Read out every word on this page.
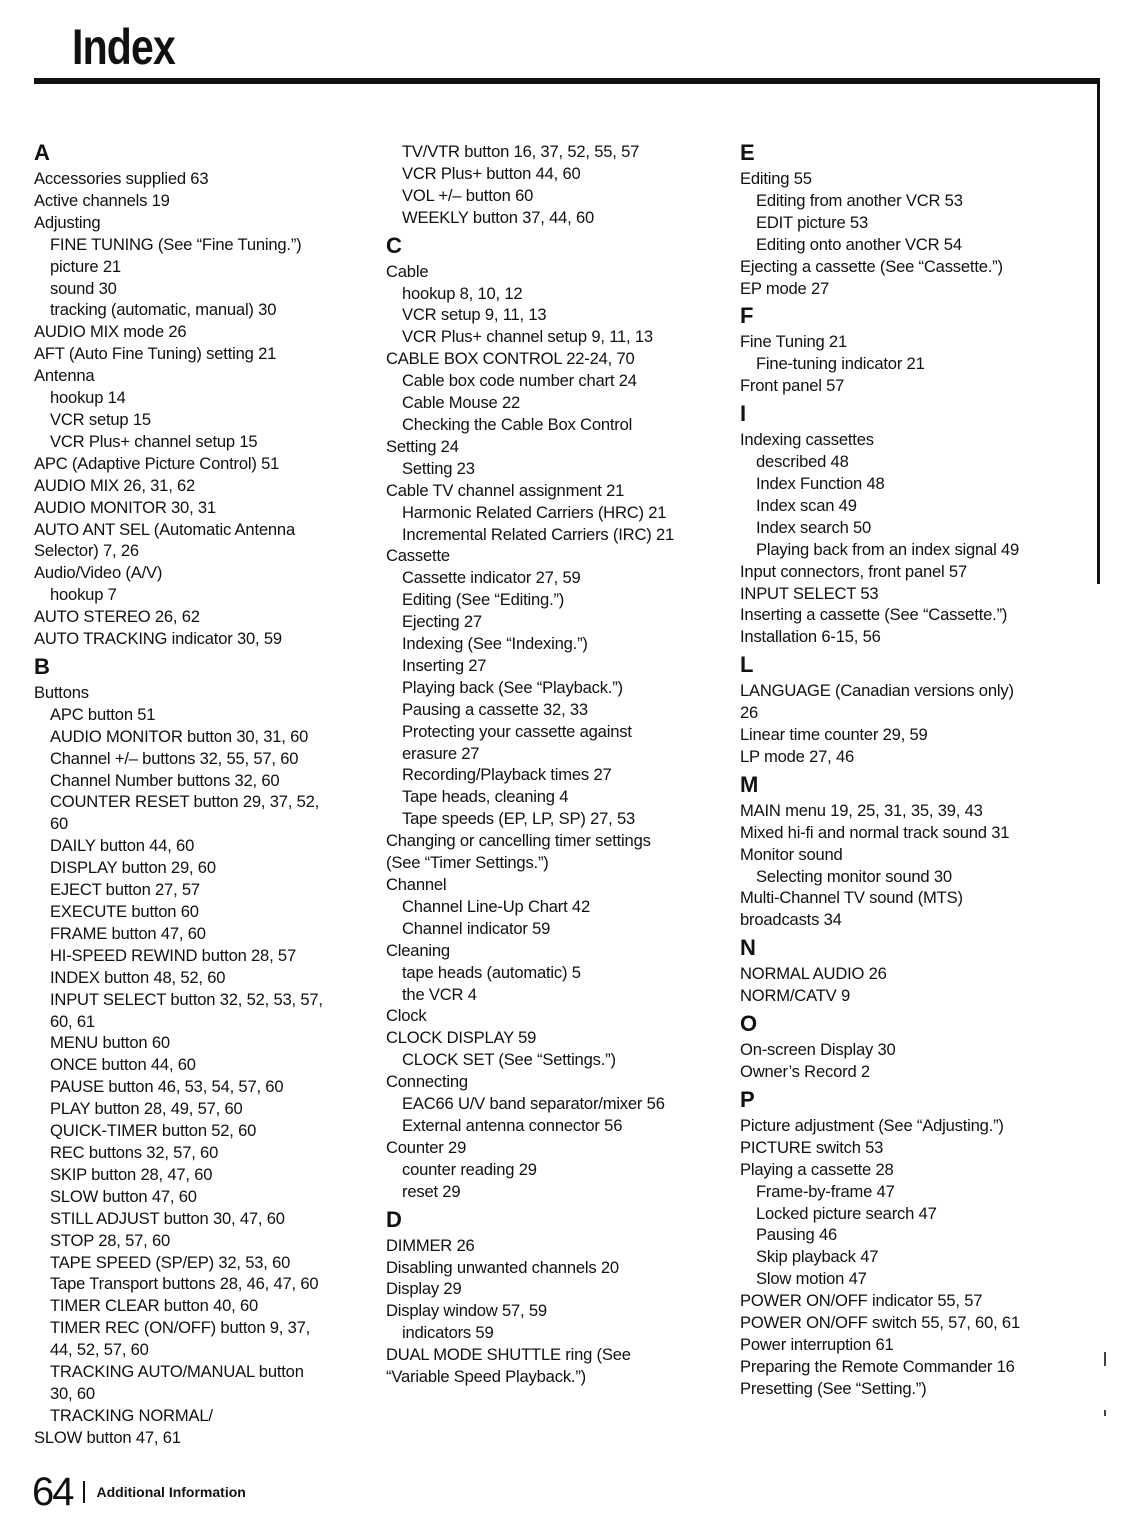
Index
A
Accessories supplied 63
Active channels 19
Adjusting
FINE TUNING (See “Fine Tuning.”)
picture 21
sound 30
tracking (automatic, manual) 30
AUDIO MIX mode 26
AFT (Auto Fine Tuning) setting 21
Antenna
hookup 14
VCR setup 15
VCR Plus+ channel setup 15
APC (Adaptive Picture Control) 51
AUDIO MIX 26, 31, 62
AUDIO MONITOR 30, 31
AUTO ANT SEL (Automatic Antenna
Selector) 7, 26
Audio/Video (A/V)
hookup 7
AUTO STEREO 26, 62
AUTO TRACKING indicator 30, 59
B
Buttons
APC button 51
AUDIO MONITOR button 30, 31, 60
Channel +/– buttons 32, 55, 57, 60
Channel Number buttons 32, 60
COUNTER RESET button 29, 37, 52,
60
DAILY button 44, 60
DISPLAY button 29, 60
EJECT button 27, 57
EXECUTE button 60
FRAME button 47, 60
HI-SPEED REWIND button 28, 57
INDEX button 48, 52, 60
INPUT SELECT button 32, 52, 53, 57,
60, 61
MENU button 60
ONCE button 44, 60
PAUSE button 46, 53, 54, 57, 60
PLAY button 28, 49, 57, 60
QUICK-TIMER button 52, 60
REC buttons 32, 57, 60
SKIP button 28, 47, 60
SLOW button 47, 60
STILL ADJUST button 30, 47, 60
STOP 28, 57, 60
TAPE SPEED (SP/EP) 32, 53, 60
Tape Transport buttons 28, 46, 47, 60
TIMER CLEAR button 40, 60
TIMER REC (ON/OFF) button 9, 37,
44, 52, 57, 60
TRACKING AUTO/MANUAL button
30, 60
TRACKING NORMAL/
SLOW button 47, 61
TV/VTR button 16, 37, 52, 55, 57
VCR Plus+ button 44, 60
VOL +/– button 60
WEEKLY button 37, 44, 60
C
Cable
hookup 8, 10, 12
VCR setup 9, 11, 13
VCR Plus+ channel setup 9, 11, 13
CABLE BOX CONTROL 22-24, 70
Cable box code number chart 24
Cable Mouse 22
Checking the Cable Box Control
Setting 24
Setting 23
Cable TV channel assignment 21
Harmonic Related Carriers (HRC) 21
Incremental Related Carriers (IRC) 21
Cassette
Cassette indicator 27, 59
Editing (See “Editing.”)
Ejecting 27
Indexing (See “Indexing.”)
Inserting 27
Playing back (See “Playback.”)
Pausing a cassette 32, 33
Protecting your cassette against
erasure 27
Recording/Playback times 27
Tape heads, cleaning 4
Tape speeds (EP, LP, SP) 27, 53
Changing or cancelling timer settings
(See “Timer Settings.”)
Channel
Channel Line-Up Chart 42
Channel indicator 59
Cleaning
tape heads (automatic) 5
the VCR 4
Clock
CLOCK DISPLAY 59
CLOCK SET (See “Settings.”)
Connecting
EAC66 U/V band separator/mixer 56
External antenna connector 56
Counter 29
counter reading 29
reset 29
D
DIMMER 26
Disabling unwanted channels 20
Display 29
Display window 57, 59
indicators 59
DUAL MODE SHUTTLE ring (See
“Variable Speed Playback.”)
E
Editing 55
Editing from another VCR 53
EDIT picture 53
Editing onto another VCR 54
Ejecting a cassette (See “Cassette.”)
EP mode 27
F
Fine Tuning 21
Fine-tuning indicator 21
Front panel 57
I
Indexing cassettes
described 48
Index Function 48
Index scan 49
Index search 50
Playing back from an index signal 49
Input connectors, front panel 57
INPUT SELECT 53
Inserting a cassette (See “Cassette.”)
Installation 6-15, 56
L
LANGUAGE (Canadian versions only)
26
Linear time counter 29, 59
LP mode 27, 46
M
MAIN menu 19, 25, 31, 35, 39, 43
Mixed hi-fi and normal track sound 31
Monitor sound
Selecting monitor sound 30
Multi-Channel TV sound (MTS)
broadcasts 34
N
NORMAL AUDIO 26
NORM/CATV 9
O
On-screen Display 30
Owner’s Record 2
P
Picture adjustment (See “Adjusting.”)
PICTURE switch 53
Playing a cassette 28
Frame-by-frame 47
Locked picture search 47
Pausing 46
Skip playback 47
Slow motion 47
POWER ON/OFF indicator 55, 57
POWER ON/OFF switch 55, 57, 60, 61
Power interruption 61
Preparing the Remote Commander 16
Presetting (See “Setting.”)
64 Additional Information
